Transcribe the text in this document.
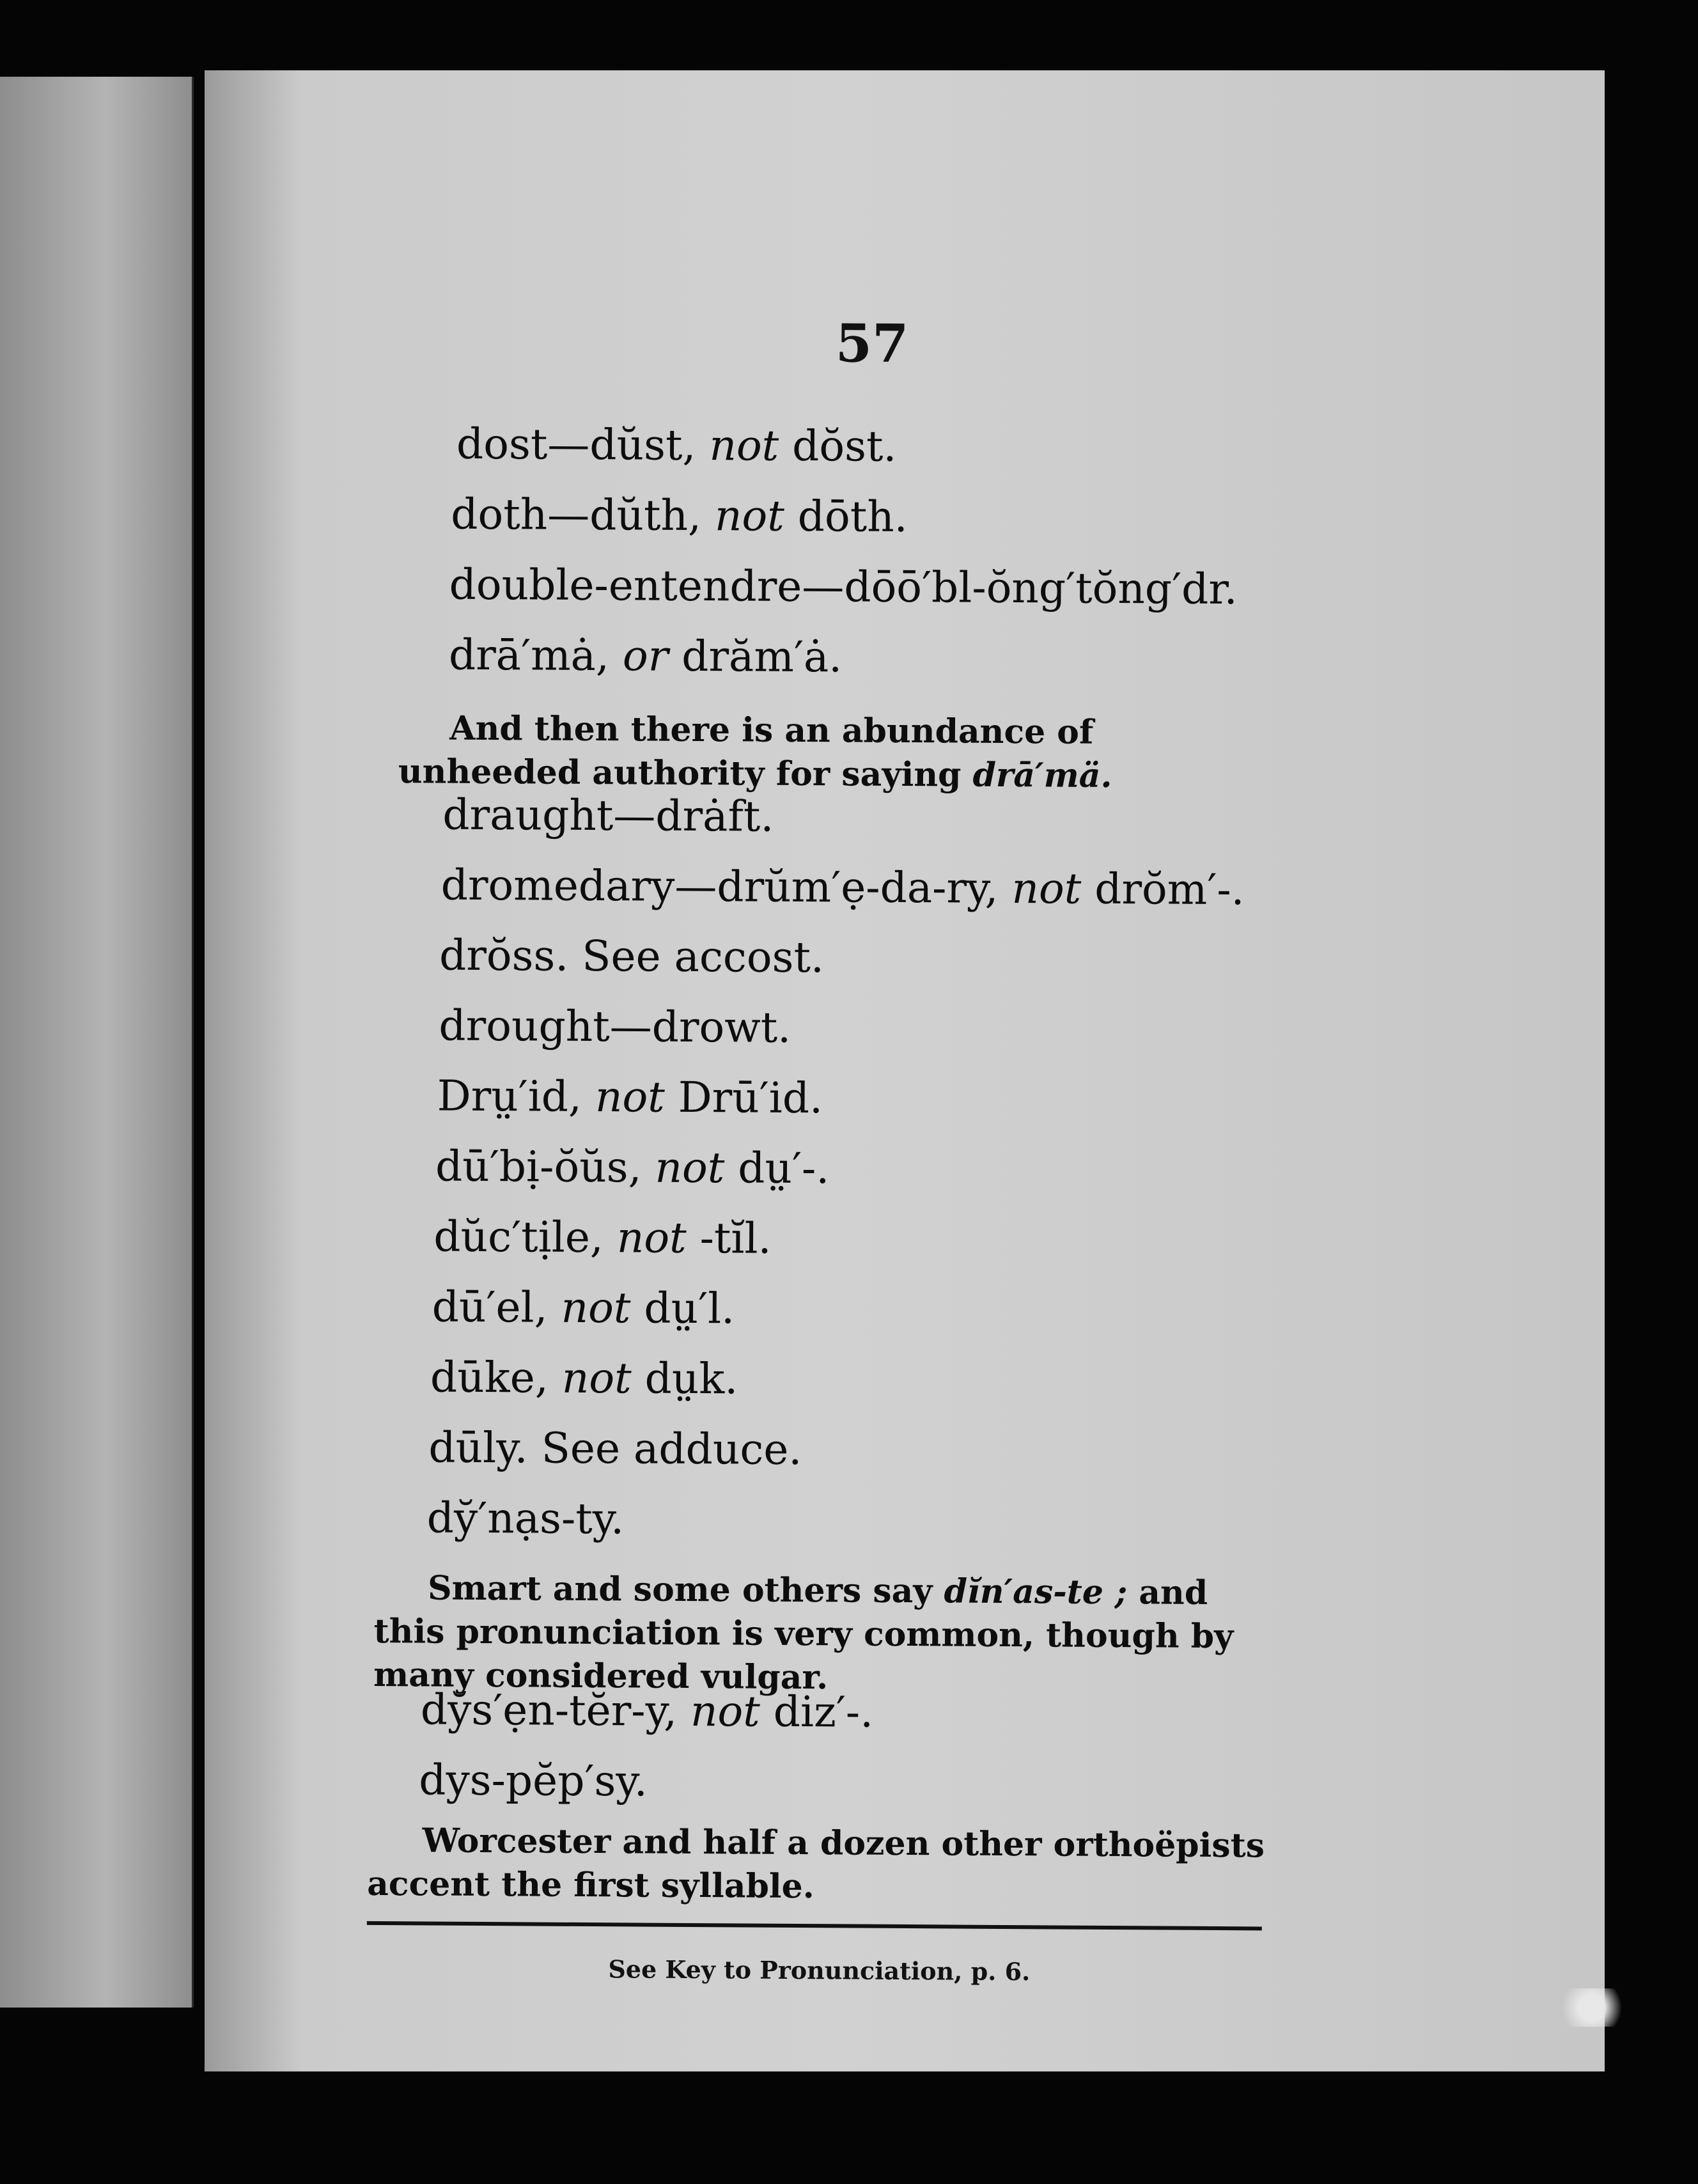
57
dost—dŭst, not dŏst.
doth—dŭth, not dōth.
double-entendre—dōō′bl-ŏng′tŏng′dr.
drā′mȧ, or drăm′ȧ.
And then there is an abundance of unheeded authority for saying drā′mä.
draught—drȧft.
dromedary—drŭm′ẹ-da-ry, not drŏm′-.
drŏss. See accost.
drought—drowt.
Drṳ′id, not Drū′id.
dū′bị-ŏŭs, not dṳ′-.
dŭc′tịle, not -tĭl.
dū′el, not dṳ′l.
dūke, not dṳk.
dūly. See adduce.
dy̆′nạs-ty.
Smart and some others say dĭn′as-te ; and this pronunciation is very common, though by many considered vulgar.
dy̆s′ẹn-tĕr-y, not diz′-.
dys-pĕp′sy.
Worcester and half a dozen other orthoëpists accent the first syllable.
See Key to Pronunciation, p. 6.
